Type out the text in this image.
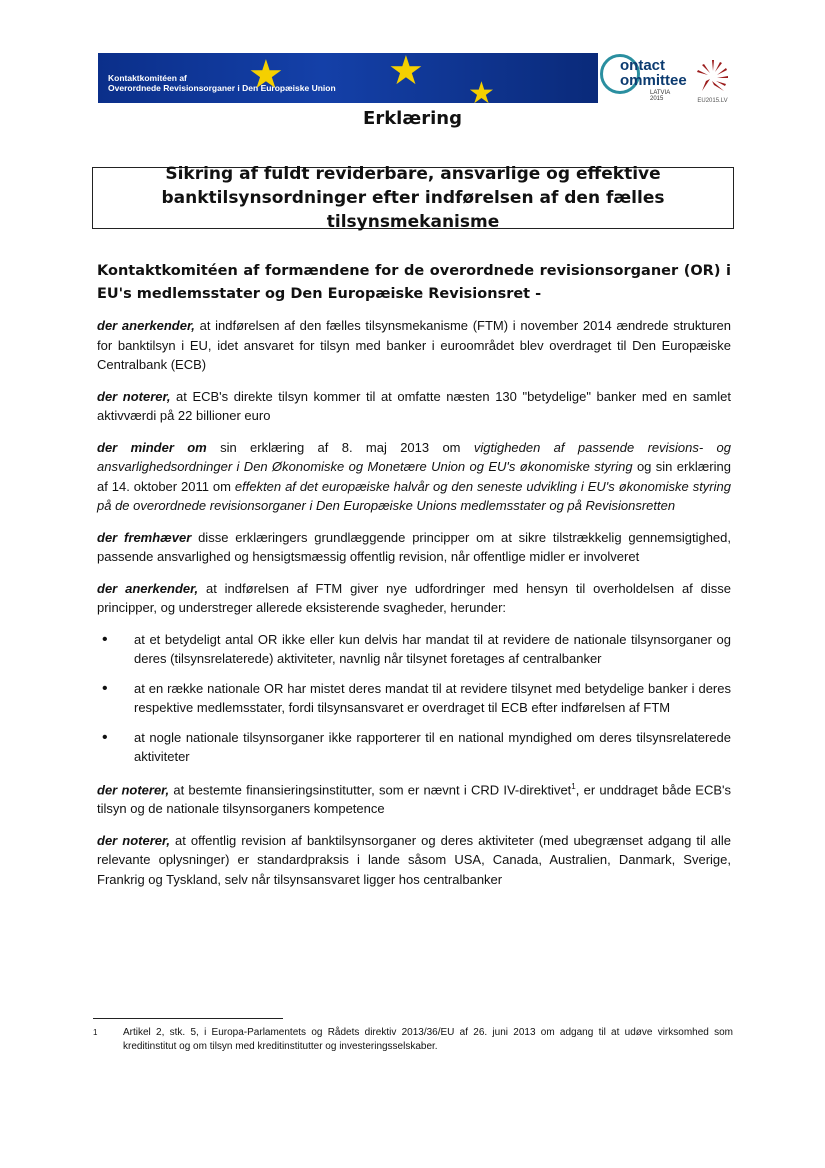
★	★
★
Kontaktkomitéen af
Overordnede Revisionsorganer i Den Europæiske Union
ontact
ommittee
LATVIA 2015	EU2015.LV
Erklæring
Sikring af fuldt reviderbare, ansvarlige og effektive banktilsynsordninger efter indførelsen af den fælles tilsynsmekanisme

Kontaktkomitéen af formændene for de overordnede revisionsorganer (OR) i EU's medlemsstater og Den Europæiske Revisionsret -

der anerkender, at indførelsen af den fælles tilsynsmekanisme (FTM) i november 2014 ændrede strukturen for banktilsyn i EU, idet ansvaret for tilsyn med banker i euroområdet blev overdraget til Den Europæiske Centralbank (ECB)

der noterer, at ECB's direkte tilsyn kommer til at omfatte næsten 130 "betydelige" banker med en samlet aktivværdi på 22 billioner euro

der minder om sin erklæring af 8. maj 2013 om vigtigheden af passende revisions- og ansvarlighedsordninger i Den Økonomiske og Monetære Union og EU's økonomiske styring og sin erklæring af 14. oktober 2011 om effekten af det europæiske halvår og den seneste udvikling i EU's økonomiske styring på de overordnede revisionsorganer i Den Europæiske Unions medlemsstater og på Revisionsretten

der fremhæver disse erklæringers grundlæggende principper om at sikre tilstrækkelig gennemsigtighed, passende ansvarlighed og hensigtsmæssig offentlig revision, når offentlige midler er involveret

der anerkender, at indførelsen af FTM giver nye udfordringer med hensyn til overholdelsen af disse principper, og understreger allerede eksisterende svagheder, herunder:

• at et betydeligt antal OR ikke eller kun delvis har mandat til at revidere de nationale tilsynsorganer og deres (tilsynsrelaterede) aktiviteter, navnlig når tilsynet foretages af centralbanker
• at en række nationale OR har mistet deres mandat til at revidere tilsynet med betydelige banker i deres respektive medlemsstater, fordi tilsynsansvaret er overdraget til ECB efter indførelsen af FTM
• at nogle nationale tilsynsorganer ikke rapporterer til en national myndighed om deres tilsynsrelaterede aktiviteter

der noterer, at bestemte finansieringsinstitutter, som er nævnt i CRD IV-direktivet$^1$, er unddraget både ECB's tilsyn og de nationale tilsynsorganers kompetence

der noterer, at offentlig revision af banktilsynsorganer og deres aktiviteter (med ubegrænset adgang til alle relevante oplysninger) er standardpraksis i lande såsom USA, Canada, Australien, Danmark, Sverige, Frankrig og Tyskland, selv når tilsynsansvaret ligger hos centralbanker

1	Artikel 2, stk. 5, i Europa-Parlamentets og Rådets direktiv 2013/36/EU af 26. juni 2013 om adgang til at udøve virksomhed som kreditinstitut og om tilsyn med kreditinstitutter og investeringsselskaber.
